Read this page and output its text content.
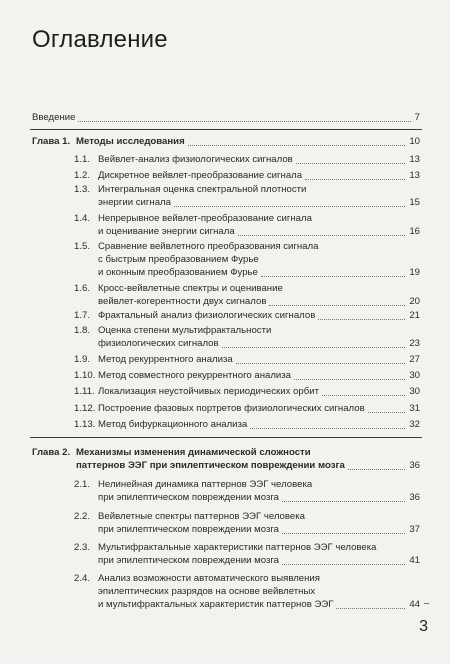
Оглавление
Введение	7
Глава 1. Методы исследования	10
1.1. Вейвлет-анализ физиологических сигналов	13
1.2. Дискретное вейвлет-преобразование сигнала	13
1.3. Интегральная оценка спектральной плотности
энергии сигнала	15
1.4. Непрерывное вейвлет-преобразование сигнала
и оценивание энергии сигнала	16
1.5. Сравнение вейвлетного преобразования сигнала
с быстрым преобразованием Фурье
и оконным преобразованием Фурье	19
1.6. Кросс-вейвлетные спектры и оценивание
вейвлет-когерентности двух сигналов	20
1.7. Фрактальный анализ физиологических сигналов	21
1.8. Оценка степени мультифрактальности
физиологических сигналов	23
1.9. Метод рекуррентного анализа	27
1.10. Метод совместного рекуррентного анализа	30
1.11. Локализация неустойчивых периодических орбит	30
1.12. Построение фазовых портретов физиологических сигналов	31
1.13. Метод бифуркационного анализа	32
Глава 2. Механизмы изменения динамической сложности
паттернов ЭЭГ при эпилептическом повреждении мозга	36
2.1. Нелинейная динамика паттернов ЭЭГ человека
при эпилептическом повреждении мозга	36
2.2. Вейвлетные спектры паттернов ЭЭГ человека
при эпилептическом повреждении мозга	37
2.3. Мультифрактальные характеристики паттернов ЭЭГ человека
при эпилептическом повреждении мозга	41
2.4. Анализ возможности автоматического выявления
эпилептических разрядов на основе вейвлетных
и мультифрактальных характеристик паттернов ЭЭГ	44
3
